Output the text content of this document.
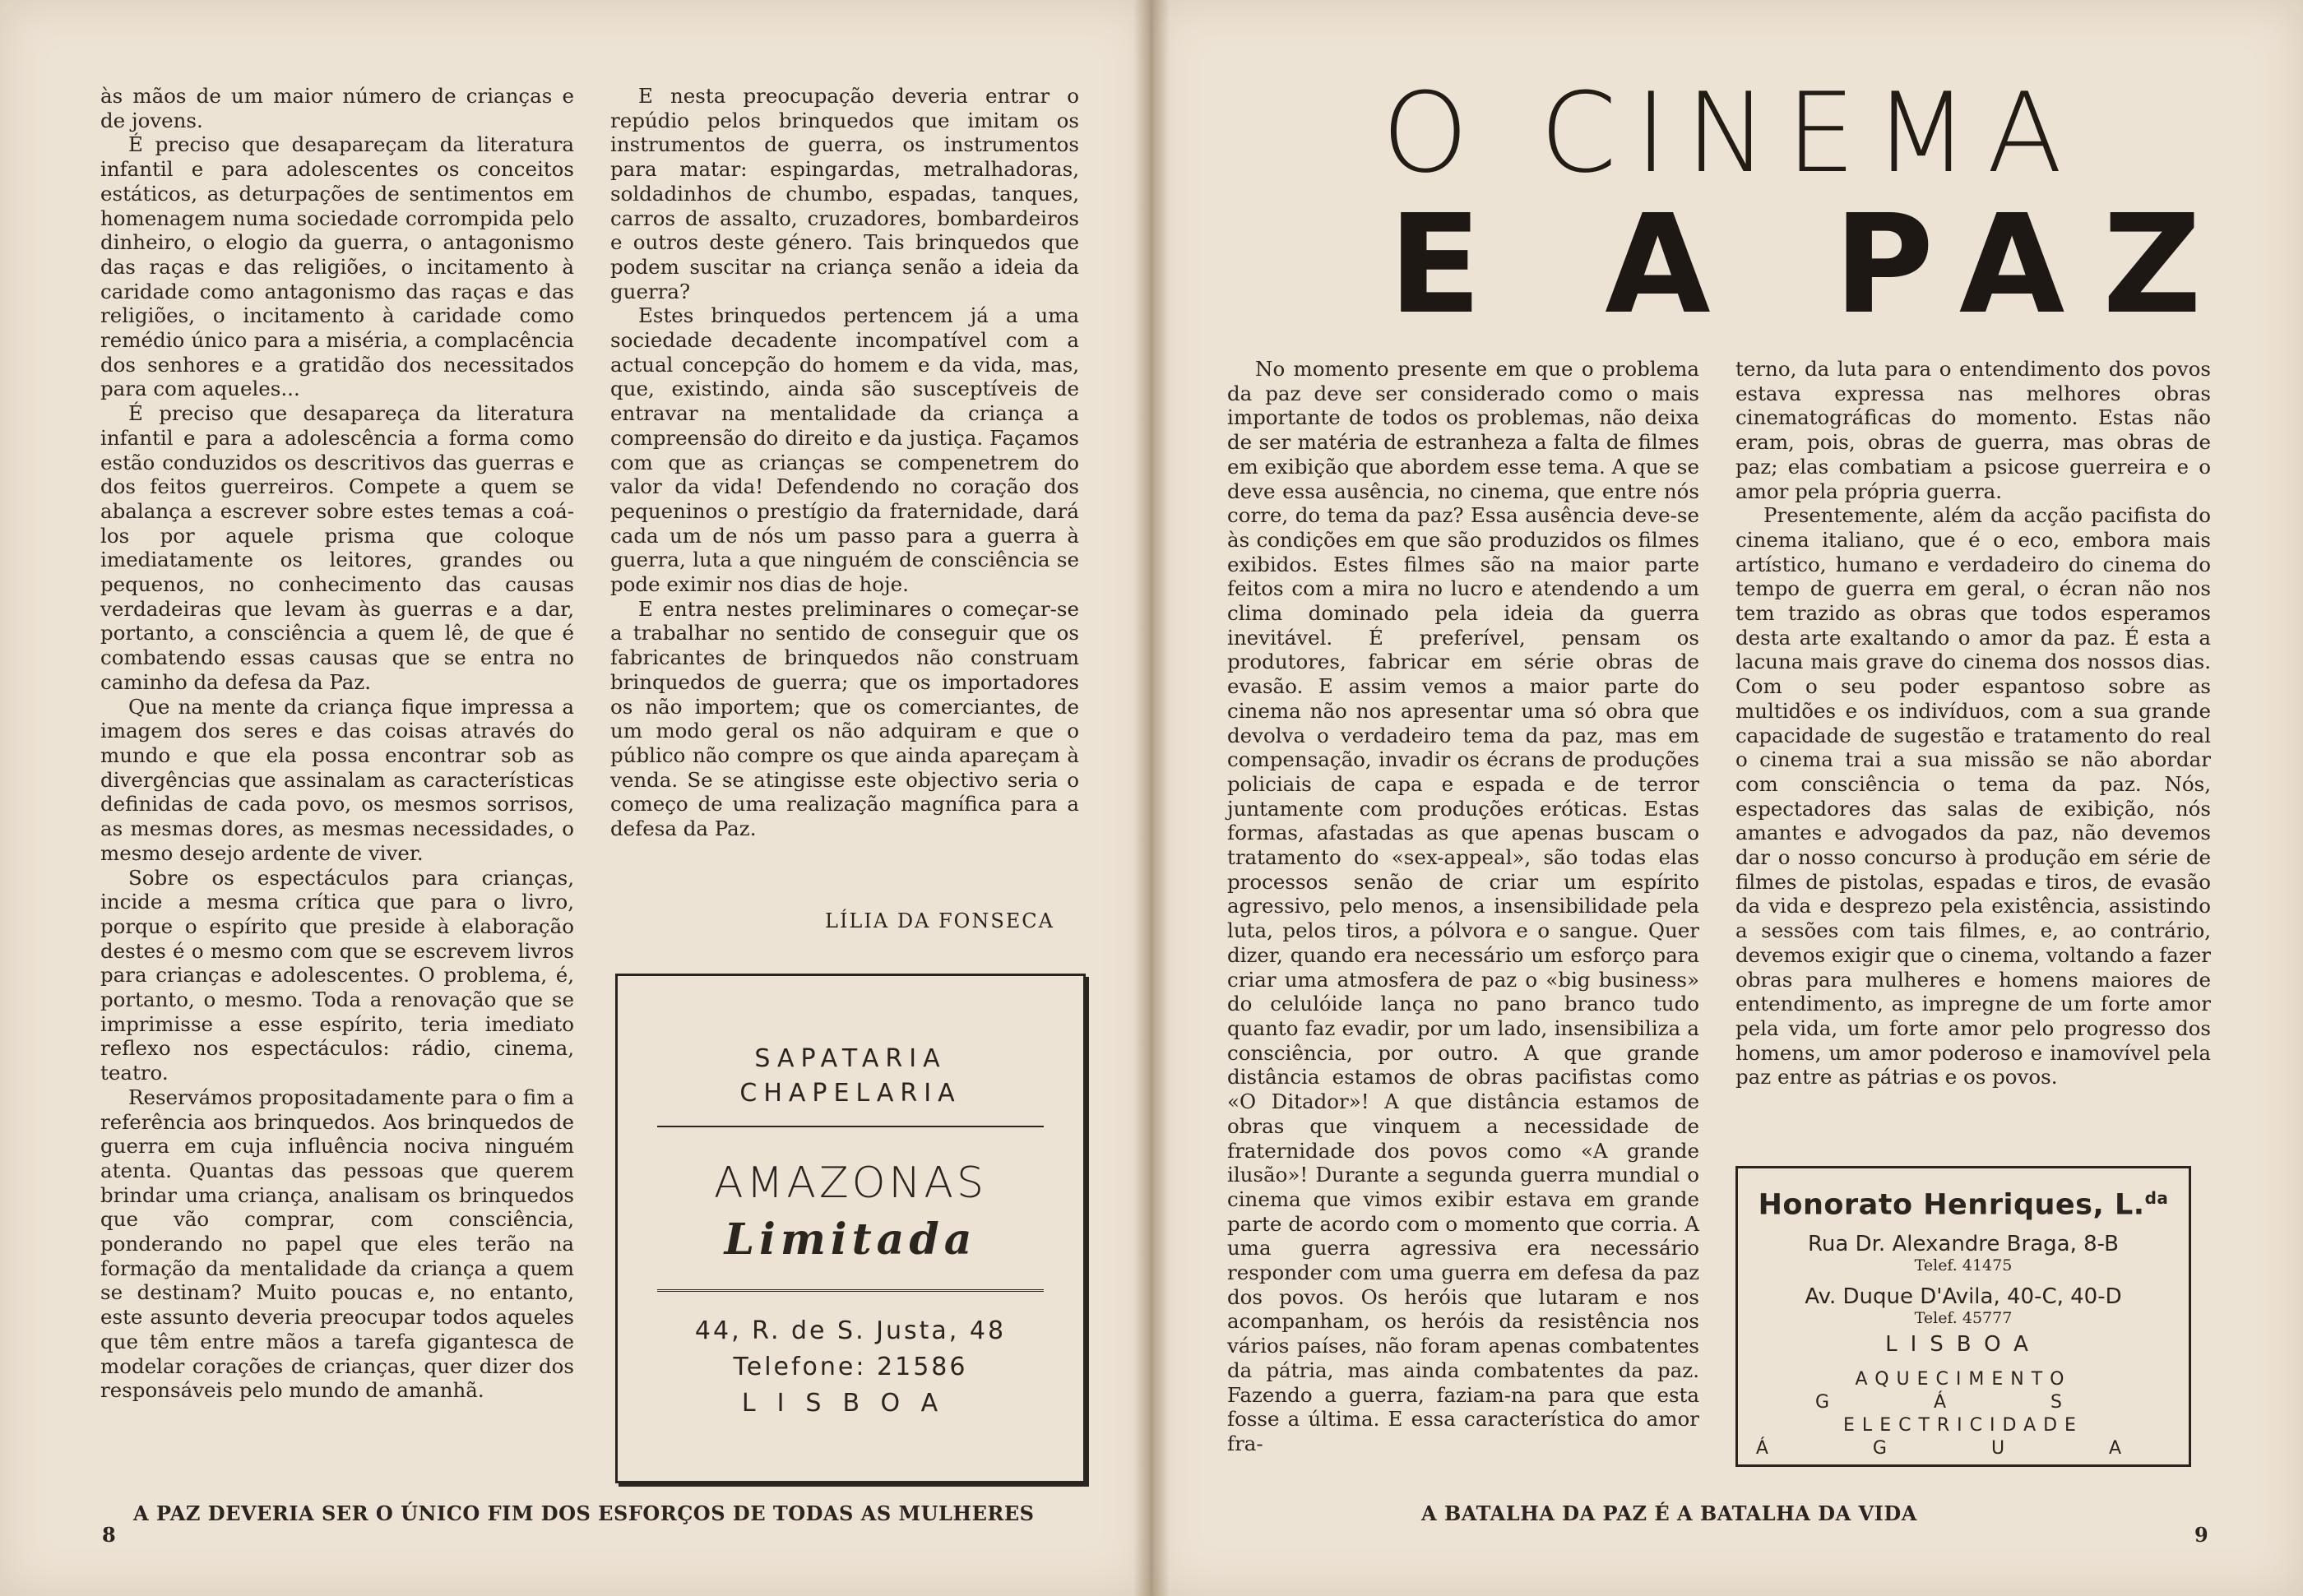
às mãos de um maior número de crianças e de jovens.

É preciso que desapareçam da literatura infantil e para adolescentes os conceitos estáticos, as deturpações de sentimentos em homenagem numa sociedade corrompida pelo dinheiro, o elogio da guerra, o antagonismo das raças e das religiões, o incitamento à caridade como antagonismo das raças e das religiões, o incitamento à caridade como remédio único para a miséria, a complacência dos senhores e a gratidão dos necessitados para com aqueles...

É preciso que desapareça da literatura infantil e para a adolescência a forma como estão conduzidos os descritivos das guerras e dos feitos guerreiros. Compete a quem se abalança a escrever sobre estes temas a coá-los por aquele prisma que coloque imediatamente os leitores, grandes ou pequenos, no conhecimento das causas verdadeiras que levam às guerras e a dar, portanto, a consciência a quem lê, de que é combatendo essas causas que se entra no caminho da defesa da Paz.

Que na mente da criança fique impressa a imagem dos seres e das coisas através do mundo e que ela possa encontrar sob as divergências que assinalam as características definidas de cada povo, os mesmos sorrisos, as mesmas dores, as mesmas necessidades, o mesmo desejo ardente de viver.

Sobre os espectáculos para crianças, incide a mesma crítica que para o livro, porque o espírito que preside à elaboração destes é o mesmo com que se escrevem livros para crianças e adolescentes. O problema, é, portanto, o mesmo. Toda a renovação que se imprimisse a esse espírito, teria imediato reflexo nos espectáculos: rádio, cinema, teatro.

Reservámos propositadamente para o fim a referência aos brinquedos. Aos brinquedos de guerra em cuja influência nociva ninguém atenta. Quantas das pessoas que querem brindar uma criança, analisam os brinquedos que vão comprar, com consciência, ponderando no papel que eles terão na formação da mentalidade da criança a quem se destinam? Muito poucas e, no entanto, este assunto deveria preocupar todos aqueles que têm entre mãos a tarefa gigantesca de modelar corações de crianças, quer dizer dos responsáveis pelo mundo de amanhã.

E nesta preocupação deveria entrar o repúdio pelos brinquedos que imitam os instrumentos de guerra, os instrumentos para matar: espingardas, metralhadoras, soldadinhos de chumbo, espadas, tanques, carros de assalto, cruzadores, bombardeiros e outros deste género. Tais brinquedos que podem suscitar na criança senão a ideia da guerra?

Estes brinquedos pertencem já a uma sociedade decadente incompatível com a actual concepção do homem e da vida, mas, que, existindo, ainda são susceptíveis de entravar na mentalidade da criança a compreensão do direito e da justiça. Façamos com que as crianças se compenetrem do valor da vida! Defendendo no coração dos pequeninos o prestígio da fraternidade, dará cada um de nós um passo para a guerra à guerra, luta a que ninguém de consciência se pode eximir nos dias de hoje.

E entra nestes preliminares o começar-se a trabalhar no sentido de conseguir que os fabricantes de brinquedos não construam brinquedos de guerra; que os importadores os não importem; que os comerciantes, de um modo geral os não adquiram e que o público não compre os que ainda apareçam à venda. Se se atingisse este objectivo seria o começo de uma realização magnífica para a defesa da Paz.

LÍLIA DA FONSECA
SAPATARIA
CHAPELARIA
AMAZONAS
Limitada
44, R. de S. Justa, 48
Telefone: 21586
LISBOA
8
A PAZ DEVERIA SER O ÚNICO FIM DOS ESFORÇOS DE TODAS AS MULHERES
O CINEMA
E A PAZ

No momento presente em que o problema da paz deve ser considerado como o mais importante de todos os problemas, não deixa de ser matéria de estranheza a falta de filmes em exibição que abordem esse tema. A que se deve essa ausência, no cinema, que entre nós corre, do tema da paz? Essa ausência deve-se às condições em que são produzidos os filmes exibidos. Estes filmes são na maior parte feitos com a mira no lucro e atendendo a um clima dominado pela ideia da guerra inevitável. É preferível, pensam os produtores, fabricar em série obras de evasão. E assim vemos a maior parte do cinema não nos apresentar uma só obra que devolva o verdadeiro tema da paz, mas em compensação, invadir os écrans de produções policiais de capa e espada e de terror juntamente com produções eróticas. Estas formas, afastadas as que apenas buscam o tratamento do «sex-appeal», são todas elas processos senão de criar um espírito agressivo, pelo menos, a insensibilidade pela luta, pelos tiros, a pólvora e o sangue. Quer dizer, quando era necessário um esforço para criar uma atmosfera de paz o «big business» do celulóide lança no pano branco tudo quanto faz evadir, por um lado, insensibiliza a consciência, por outro. A que grande distância estamos de obras pacifistas como «O Ditador»! A que distância estamos de obras que vinquem a necessidade de fraternidade dos povos como «A grande ilusão»! Durante a segunda guerra mundial o cinema que vimos exibir estava em grande parte de acordo com o momento que corria. A uma guerra agressiva era necessário responder com uma guerra em defesa da paz dos povos. Os heróis que lutaram e nos acompanham, os heróis da resistência nos vários países, não foram apenas combatentes da pátria, mas ainda combatentes da paz. Fazendo a guerra, faziam-na para que esta fosse a última. E essa característica do amor fra-

terno, da luta para o entendimento dos povos estava expressa nas melhores obras cinematográficas do momento. Estas não eram, pois, obras de guerra, mas obras de paz; elas combatiam a psicose guerreira e o amor pela própria guerra.

Presentemente, além da acção pacifista do cinema italiano, que é o eco, embora mais artístico, humano e verdadeiro do cinema do tempo de guerra em geral, o écran não nos tem trazido as obras que todos esperamos desta arte exaltando o amor da paz. É esta a lacuna mais grave do cinema dos nossos dias. Com o seu poder espantoso sobre as multidões e os indivíduos, com a sua grande capacidade de sugestão e tratamento do real o cinema trai a sua missão se não abordar com consciência o tema da paz. Nós, espectadores das salas de exibição, nós amantes e advogados da paz, não devemos dar o nosso concurso à produção em série de filmes de pistolas, espadas e tiros, de evasão da vida e desprezo pela existência, assistindo a sessões com tais filmes, e, ao contrário, devemos exigir que o cinema, voltando a fazer obras para mulheres e homens maiores de entendimento, as impregne de um forte amor pela vida, um forte amor pelo progresso dos homens, um amor poderoso e inamovível pela paz entre as pátrias e os povos.

Honorato Henriques, L.$^{da}$
Rua Dr. Alexandre Braga, 8-B
Telef. 41475
Av. Duque D'Avila, 40-C, 40-D
Telef. 45777
LISBOA
AQUECIMENTO
G Á S
ELECTRICIDADE
Á G U A
A BATALHA DA PAZ É A BATALHA DA VIDA
9
